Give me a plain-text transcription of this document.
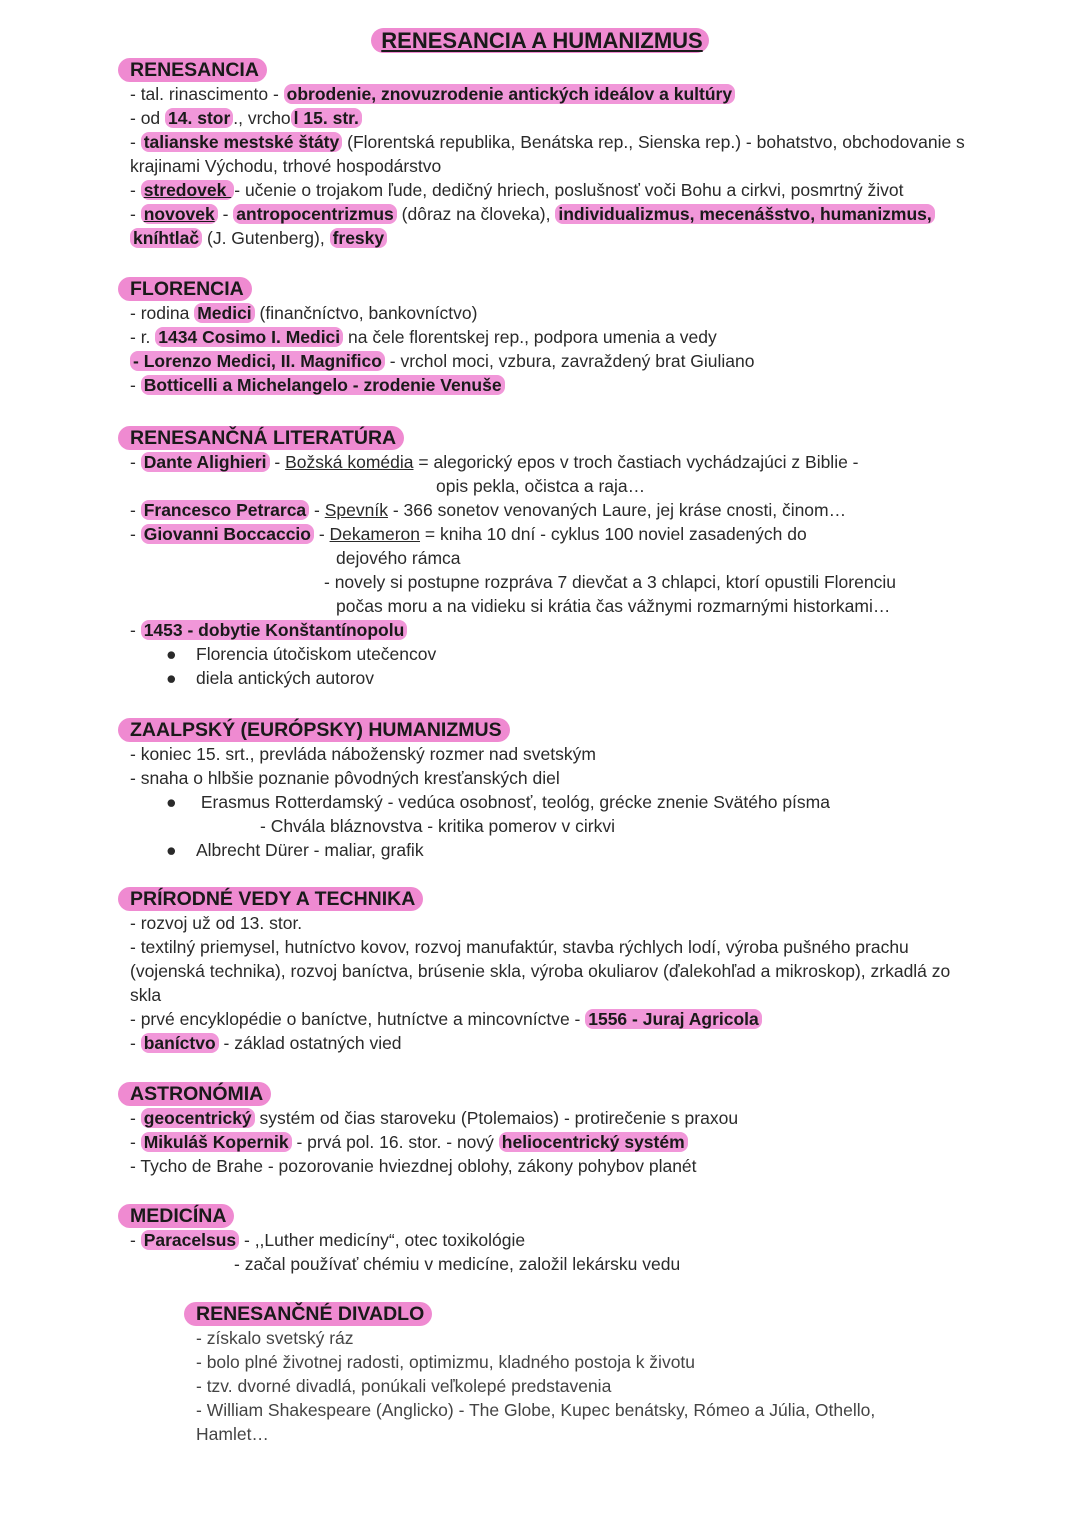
RENESANCIA A HUMANIZMUS
RENESANCIA
- tal. rinascimento - obrodenie, znovuzrodenie antických ideálov a kultúry
- od 14. stor ., vrcho l 15. str.
- talianske mestské štáty (Florentská republika, Benátska rep., Sienska rep.) - bohatstvo, obchodovanie s krajinami Východu, trhové hospodárstvo
- stredovek - učenie o trojakom ľude, dedičný hriech, poslušnosť voči Bohu a cirkvi, posmrtný život
- novovek - antropocentrizmus (dôraz na človeka), individualizmus, mecenášstvo, humanizmus,
kníhtlač (J. Gutenberg), fresky
FLORENCIA
- rodina Medici (finančníctvo, bankovníctvo)
- r. 1434 Cosimo I. Medici na čele florentskej rep., podpora umenia a vedy
- Lorenzo Medici, II. Magnifico - vrchol moci, vzbura, zavraždený brat Giuliano
- Botticelli a Michelangelo - zrodenie Venuše
RENESANČNÁ LITERATÚRA
- Dante Alighieri - Božská komédia = alegorický epos v troch častiach vychádzajúci z Biblie -
opis pekla, očistca a raja…
- Francesco Petrarca - Spevník - 366 sonetov venovaných Laure, jej kráse cnosti, činom…
- Giovanni Boccaccio - Dekameron = kniha 10 dní - cyklus 100 noviel zasadených do
dejového rámca
- novely si postupne rozpráva 7 dievčat a 3 chlapci, ktorí opustili Florenciu
počas moru a na vidieku si krátia čas vážnymi rozmarnými historkami…
- 1453 - dobytie Konštantínopolu
● Florencia útočiskom utečencov
● diela antických autorov
ZAALPSKÝ (EURÓPSKY) HUMANIZMUS
- koniec 15. srt., prevláda náboženský rozmer nad svetským
- snaha o hlbšie poznanie pôvodných kresťanských diel
● Erasmus Rotterdamský - vedúca osobnosť, teológ, grécke znenie Svätého písma
- Chvála bláznovstva - kritika pomerov v cirkvi
● Albrecht Dürer - maliar, grafik
PRÍRODNÉ VEDY A TECHNIKA
- rozvoj už od 13. stor.
- textilný priemysel, hutníctvo kovov, rozvoj manufaktúr, stavba rýchlych lodí, výroba pušného prachu (vojenská technika), rozvoj baníctva, brúsenie skla, výroba okuliarov (ďalekohľad a mikroskop), zrkadlá zo skla
- prvé encyklopédie o baníctve, hutníctve a mincovníctve - 1556 - Juraj Agricola
- baníctvo - základ ostatných vied
ASTRONÓMIA
- geocentrický systém od čias staroveku (Ptolemaios) - protirečenie s praxou
- Mikuláš Kopernik - prvá pol. 16. stor. - nový heliocentrický systém
- Tycho de Brahe - pozorovanie hviezdnej oblohy, zákony pohybov planét
MEDICÍNA
- Paracelsus - ,,Luther medicíny“, otec toxikológie
- začal používať chémiu v medicíne, založil lekársku vedu
RENESANČNÉ DIVADLO
- získalo svetský ráz
- bolo plné životnej radosti, optimizmu, kladného postoja k životu
- tzv. dvorné divadlá, ponúkali veľkolepé predstavenia
- William Shakespeare (Anglicko) - The Globe, Kupec benátsky, Rómeo a Júlia, Othello, Hamlet…
